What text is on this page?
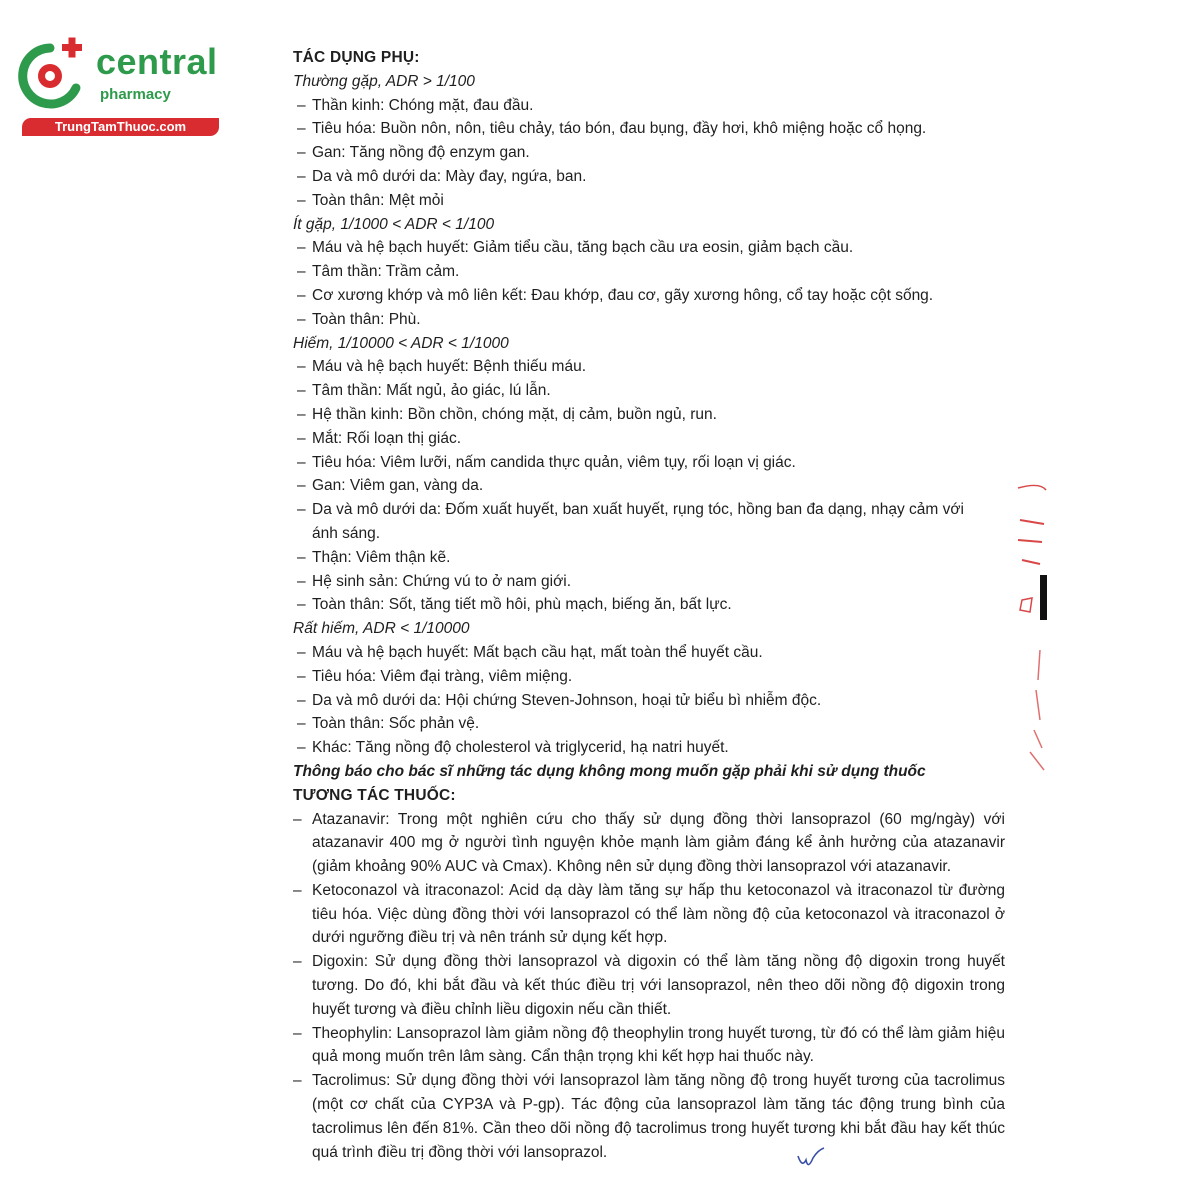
central
pharmacy
TrungTamThuoc.com
TÁC DỤNG PHỤ:
Thường gặp, ADR > 1/100
– Thần kinh: Chóng mặt, đau đầu.
– Tiêu hóa: Buồn nôn, nôn, tiêu chảy, táo bón, đau bụng, đầy hơi, khô miệng hoặc cổ họng.
– Gan: Tăng nồng độ enzym gan.
– Da và mô dưới da: Mày đay, ngứa, ban.
– Toàn thân: Mệt mỏi
Ít gặp, 1/1000 < ADR < 1/100
– Máu và hệ bạch huyết: Giảm tiểu cầu, tăng bạch cầu ưa eosin, giảm bạch cầu.
– Tâm thần: Trầm cảm.
– Cơ xương khớp và mô liên kết: Đau khớp, đau cơ, gãy xương hông, cổ tay hoặc cột sống.
– Toàn thân: Phù.
Hiếm, 1/10000 < ADR < 1/1000
– Máu và hệ bạch huyết: Bệnh thiếu máu.
– Tâm thần: Mất ngủ, ảo giác, lú lẫn.
– Hệ thần kinh: Bồn chồn, chóng mặt, dị cảm, buồn ngủ, run.
– Mắt: Rối loạn thị giác.
– Tiêu hóa: Viêm lưỡi, nấm candida thực quản, viêm tụy, rối loạn vị giác.
– Gan: Viêm gan, vàng da.
– Da và mô dưới da: Đốm xuất huyết, ban xuất huyết, rụng tóc, hồng ban đa dạng, nhạy cảm với
ánh sáng.
– Thận: Viêm thận kẽ.
– Hệ sinh sản: Chứng vú to ở nam giới.
– Toàn thân: Sốt, tăng tiết mồ hôi, phù mạch, biếng ăn, bất lực.
Rất hiếm, ADR < 1/10000
– Máu và hệ bạch huyết: Mất bạch cầu hạt, mất toàn thể huyết cầu.
– Tiêu hóa: Viêm đại tràng, viêm miệng.
– Da và mô dưới da: Hội chứng Steven-Johnson, hoại tử biểu bì nhiễm độc.
– Toàn thân: Sốc phản vệ.
– Khác: Tăng nồng độ cholesterol và triglycerid, hạ natri huyết.
Thông báo cho bác sĩ những tác dụng không mong muốn gặp phải khi sử dụng thuốc
TƯƠNG TÁC THUỐC:
– Atazanavir: Trong một nghiên cứu cho thấy sử dụng đồng thời lansoprazol (60 mg/ngày) với atazanavir 400 mg ở người tình nguyện khỏe mạnh làm giảm đáng kể ảnh hưởng của atazanavir (giảm khoảng 90% AUC và Cmax). Không nên sử dụng đồng thời lansoprazol với atazanavir.
– Ketoconazol và itraconazol: Acid dạ dày làm tăng sự hấp thu ketoconazol và itraconazol từ đường tiêu hóa. Việc dùng đồng thời với lansoprazol có thể làm nồng độ của ketoconazol và itraconazol ở dưới ngưỡng điều trị và nên tránh sử dụng kết hợp.
– Digoxin: Sử dụng đồng thời lansoprazol và digoxin có thể làm tăng nồng độ digoxin trong huyết tương. Do đó, khi bắt đầu và kết thúc điều trị với lansoprazol, nên theo dõi nồng độ digoxin trong huyết tương và điều chỉnh liều digoxin nếu cần thiết.
– Theophylin: Lansoprazol làm giảm nồng độ theophylin trong huyết tương, từ đó có thể làm giảm hiệu quả mong muốn trên lâm sàng. Cẩn thận trọng khi kết hợp hai thuốc này.
– Tacrolimus: Sử dụng đồng thời với lansoprazol làm tăng nồng độ trong huyết tương của tacrolimus (một cơ chất của CYP3A và P-gp). Tác động của lansoprazol làm tăng tác động trung bình của tacrolimus lên đến 81%. Cần theo dõi nồng độ tacrolimus trong huyết tương khi bắt đầu hay kết thúc quá trình điều trị đồng thời với lansoprazol.
